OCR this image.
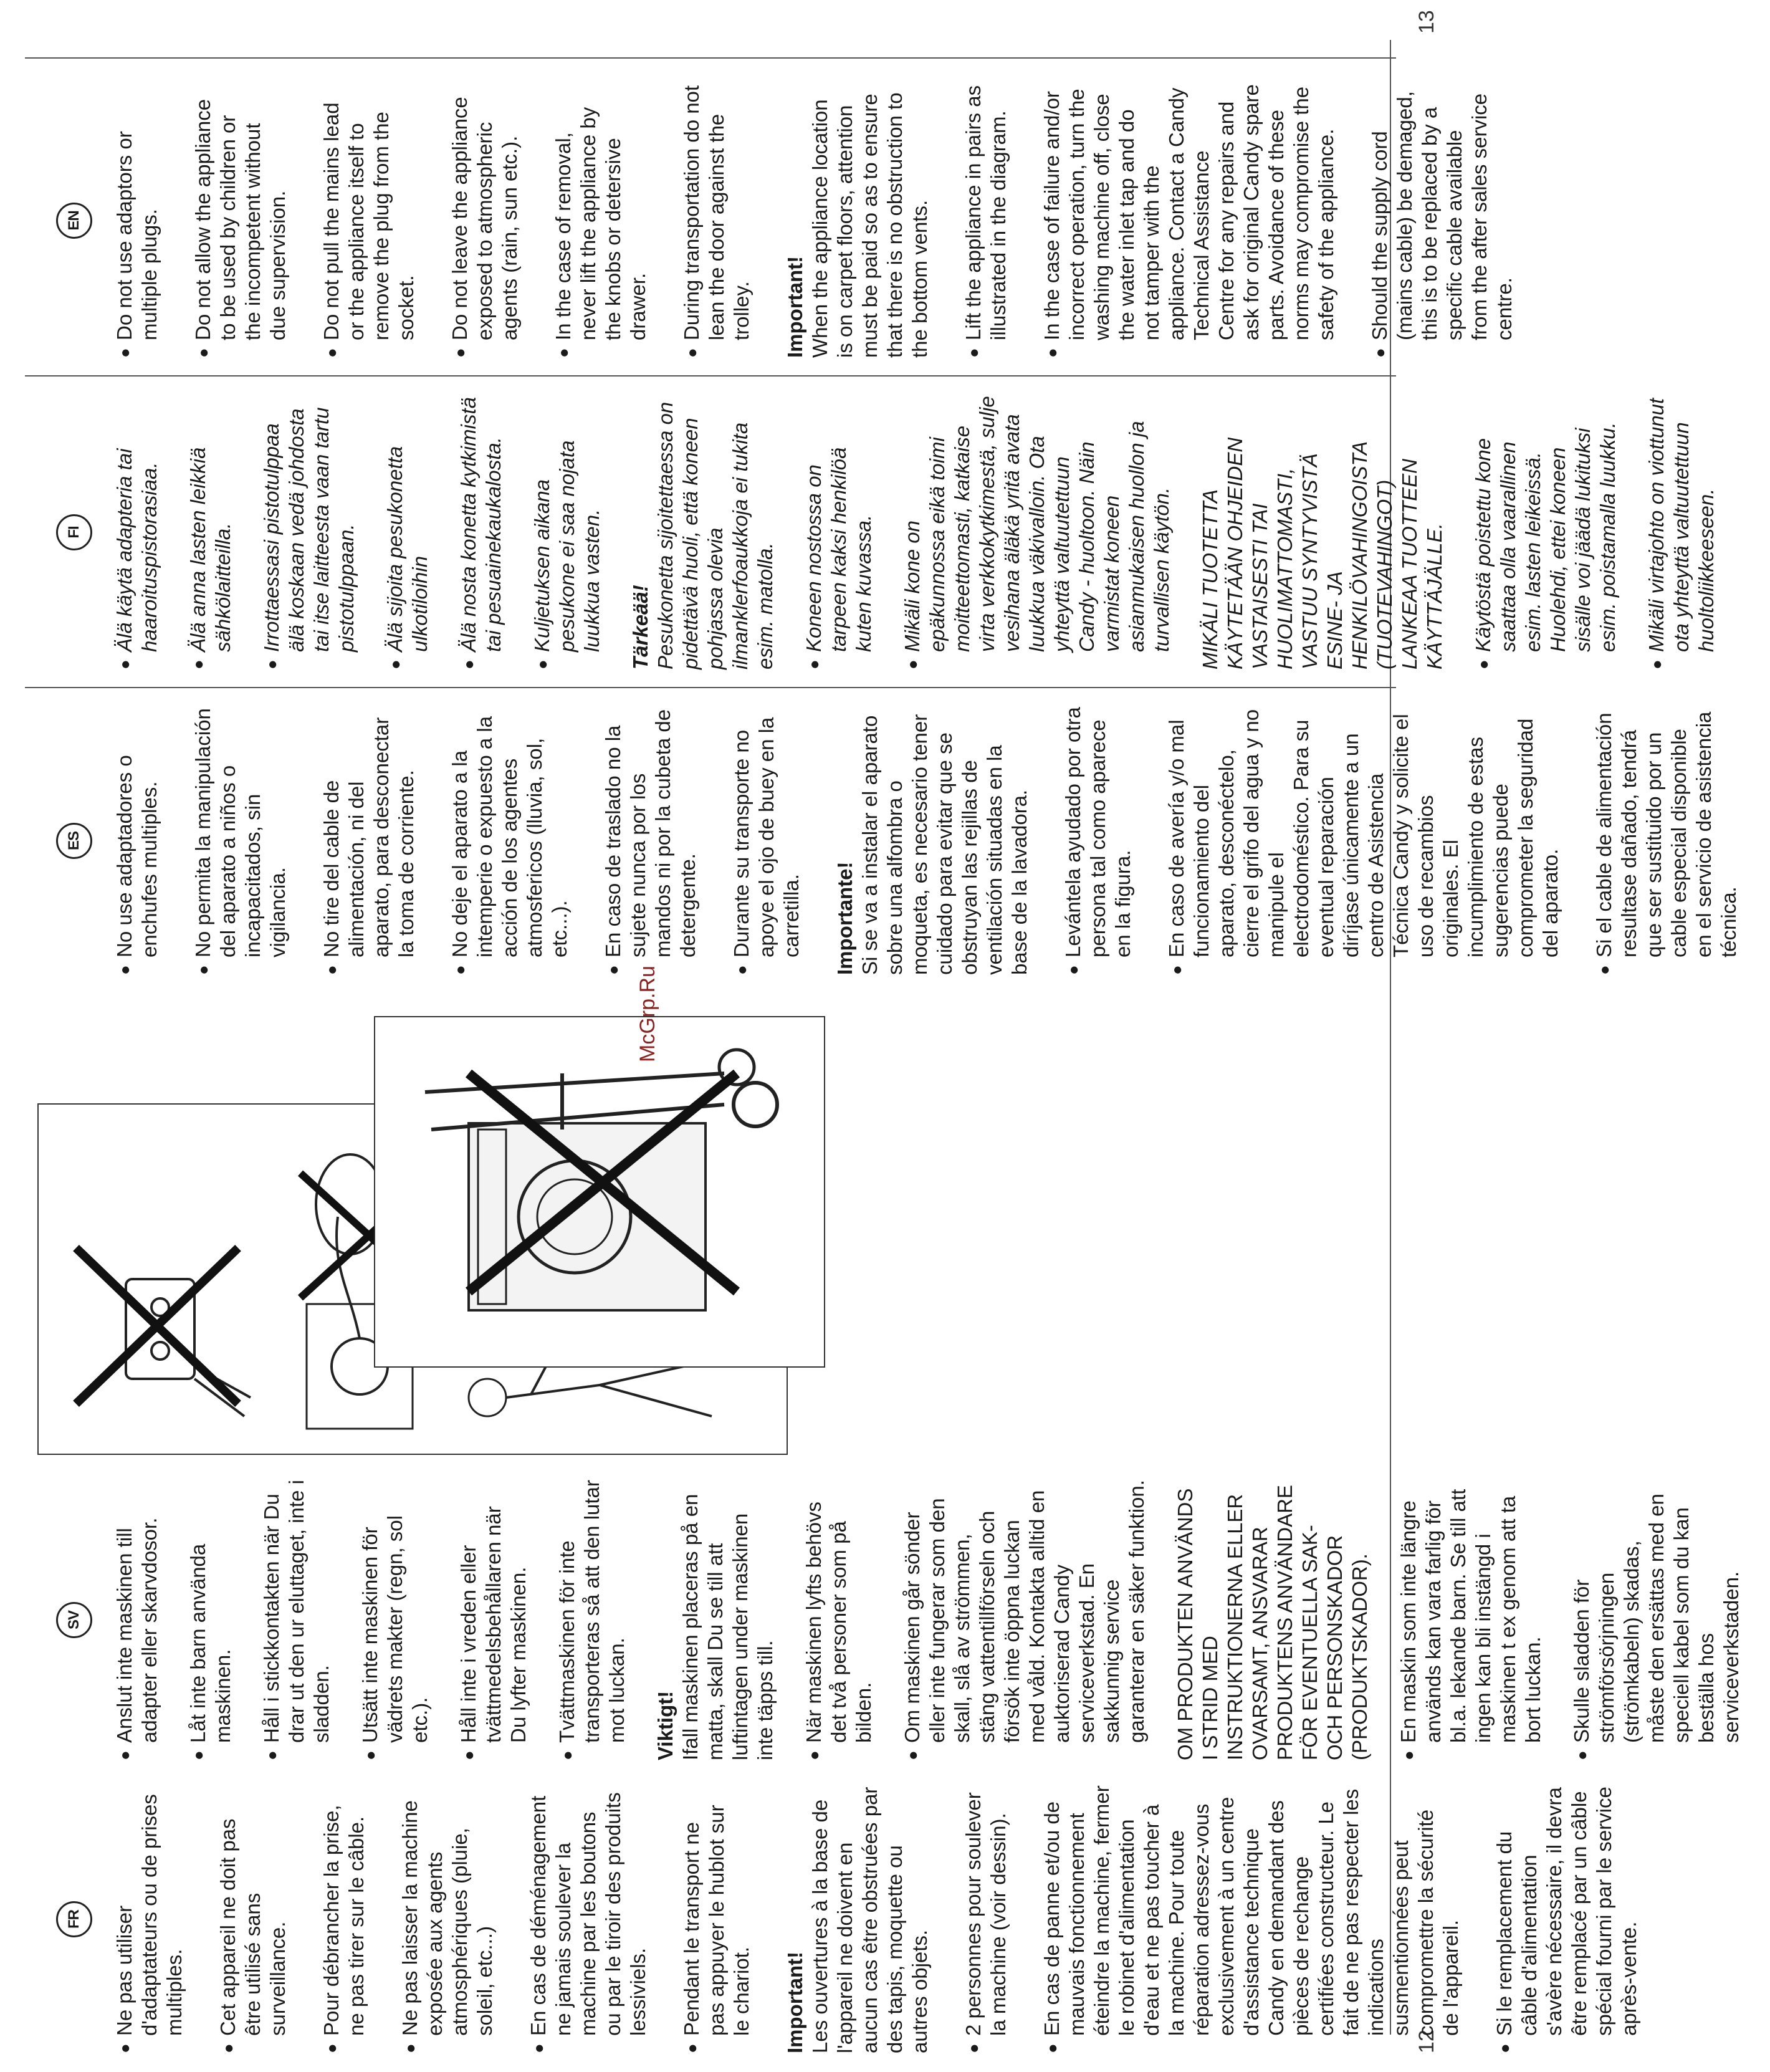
12
13
FR	● Ne pas utiliser d'adaptateurs ou de prises multiples. ● Cet appareil ne doit pas être utilisé sans surveillance. ● Pour débrancher la prise, ne pas tirer sur le câble. ● Ne pas laisser la machine exposée aux agents atmosphériques (pluie, soleil, etc...) ● En cas de déménagement ne jamais soulever la machine par les boutons ou par le tiroir des produits lessiviels. ● Pendant le transport ne pas appuyer le hublot sur le chariot. Important! Les ouvertures à la base de l'appareil ne doivent en aucun cas être obstruées par des tapis, moquette ou autres objets. ● 2 personnes pour soulever la machine (voir dessin). ● En cas de panne et/ou de mauvais fonctionnement éteindre la machine, fermer le robinet d'alimentation d'eau et ne pas toucher à la machine. Pour toute réparation adressez-vous exclusivement à un centre d'assistance technique Candy en demandant des pièces de rechange certifiées constructeur. Le fait de ne pas respecter les indications susmentionnées peut compromettre la sécurité de l'appareil. ● Si le remplacement du câble d'alimentation s'avère nécessaire, il devra être remplacé par un câble spécial fourni par le service après-vente.
SV	● Anslut inte maskinen till adapter eller skarvdosor. ● Låt inte barn använda maskinen. ● Håll i stickkontakten när Du drar ut den ur eluttaget, inte i sladden. ● Utsätt inte maskinen för vädrets makter (regn, sol etc.). ● Håll inte i vreden eller tvättmedelsbehållaren när Du lyfter maskinen. ● Tvättmaskinen för inte transporteras så att den lutar mot luckan. Viktigt! Ifall maskinen placeras på en matta, skall Du se till att luftintagen under maskinen inte täpps till. ● När maskinen lyfts behövs det två personer som på bilden. ● Om maskinen går sönder eller inte fungerar som den skall, slå av strömmen, stäng vattentillförseln och försök inte öppna luckan med våld. Kontakta alltid en auktoriserad Candy serviceverkstad. En sakkunnig service garanterar en säker funktion. OM PRODUKTEN ANVÄNDS I STRID MED INSTRUKTIONERNA ELLER OVARSAMT, ANSVARAR PRODUKTENS ANVÄNDARE FÖR EVENTUELLA SAK- OCH PERSONSKADOR (PRODUKTSKADOR). ● En maskin som inte längre används kan vara farlig för bl.a. lekande barn. Se till att ingen kan bli instängd i maskinen t ex genom att ta bort luckan. ● Skulle sladden för strömförsörjningen (strömkabeln) skadas, måste den ersättas med en speciell kabel som du kan beställa hos serviceverkstaden.
McGrp.Ru
ES	● No use adaptadores o enchufes multiples. ● No permita la manipulación del aparato a niños o incapacitados, sin vigilancia. ● No tire del cable de alimentación, ni del aparato, para desconectar la toma de corriente. ● No deje el aparato a la intemperie o expuesto a la acción de los agentes atmosfericos (lluvia, sol, etc...). ● En caso de traslado no la sujete nunca por los mandos ni por la cubeta de detergente. ● Durante su transporte no apoye el ojo de buey en la carretilla. Importante! Si se va a instalar el aparato sobre una alfombra o moqueta, es necesario tener cuidado para evitar que se obstruyan las rejillas de ventilación situadas en la base de la lavadora. ● Levántela ayudado por otra persona tal como aparece en la figura. ● En caso de avería y/o mal funcionamiento del aparato, desconéctelo, cierre el grifo del agua y no manipule el electrodoméstico. Para su eventual reparación diríjase únicamente a un centro de Asistencia Técnica Candy y solicite el uso de recambios originales. El incumplimiento de estas sugerencias puede comprometer la seguridad del aparato. ● Si el cable de alimentación resultase dañado, tendrá que ser sustituido por un cable especial disponible en el servicio de asistencia técnica.
FI	● Älä käytä adapteria tai haaroituspistorasiaa. ● Älä anna lasten leikkiä sähkölaitteilla. ● Irrottaessasi pistotulppaa älä koskaan vedä johdosta tai itse laitteesta vaan tartu pistotulppaan. ● Älä sijoita pesukonetta ulkotiloihin ● Älä nosta konetta kytkimistä tai pesuainekaukalosta. ● Kuljetuksen aikana pesukone ei saa nojata luukkua vasten. Tärkeää! Pesukonetta sijoitettaessa on pidettävä huoli, että koneen pohjassa olevia ilmanklerfoaukkoja ei tukita esim. matolla. ● Koneen nostossa on tarpeen kaksi henkilöä kuten kuvassa. ● Mikäli kone on epäkunnossa eikä toimi moitteettomasti, katkaise virta verkkokytkimestä, sulje vesihana äläkä yritä avata luukkua väkivalloin. Ota yhteyttä valtuutettuun Candy - huoltoon. Näin varmistat koneen asianmukaisen huollon ja turvallisen käytön. MIKÄLI TUOTETTA KÄYTETÄÄN OHJEIDEN VASTAISESTI TAI HUOLIMATTOMASTI, VASTUU SYNTYVISTÄ ESINE- JA HENKILÖVAHINGOISTA (TUOTEVAHINGOT) LANKEAA TUOTTEEN KÄYTTÄJÄLLE. ● Käytöstä poistettu kone saattaa olla vaarallinen esim. lasten leikeissä. Huolehdi, ettei koneen sisälle voi jäädä lukituksi esim. poistamalla luukku. ● Mikäli virtajohto on viottunut ota yhteyttä valtuutettuun huoltoliikkeeseen.
EN	● Do not use adaptors or multiple plugs. ● Do not allow the appliance to be used by children or the incompetent without due supervision. ● Do not pull the mains lead or the appliance itself to remove the plug from the socket. ● Do not leave the appliance exposed to atmospheric agents (rain, sun etc.). ● In the case of removal, never lift the appliance by the knobs or detersive drawer. ● During transportation do not lean the door against the trolley. Important! When the appliance location is on carpet floors, attention must be paid so as to ensure that there is no obstruction to the bottom vents. ● Lift the appliance in pairs as illustrated in the diagram. ● In the case of failure and/or incorrect operation, turn the washing machine off, close the water inlet tap and do not tamper with the appliance. Contact a Candy Technical Assistance Centre for any repairs and ask for original Candy spare parts. Avoidance of these norms may compromise the safety of the appliance. ● Should the supply cord (mains cable) be demaged, this is to be replaced by a specific cable available from the after sales service centre.
